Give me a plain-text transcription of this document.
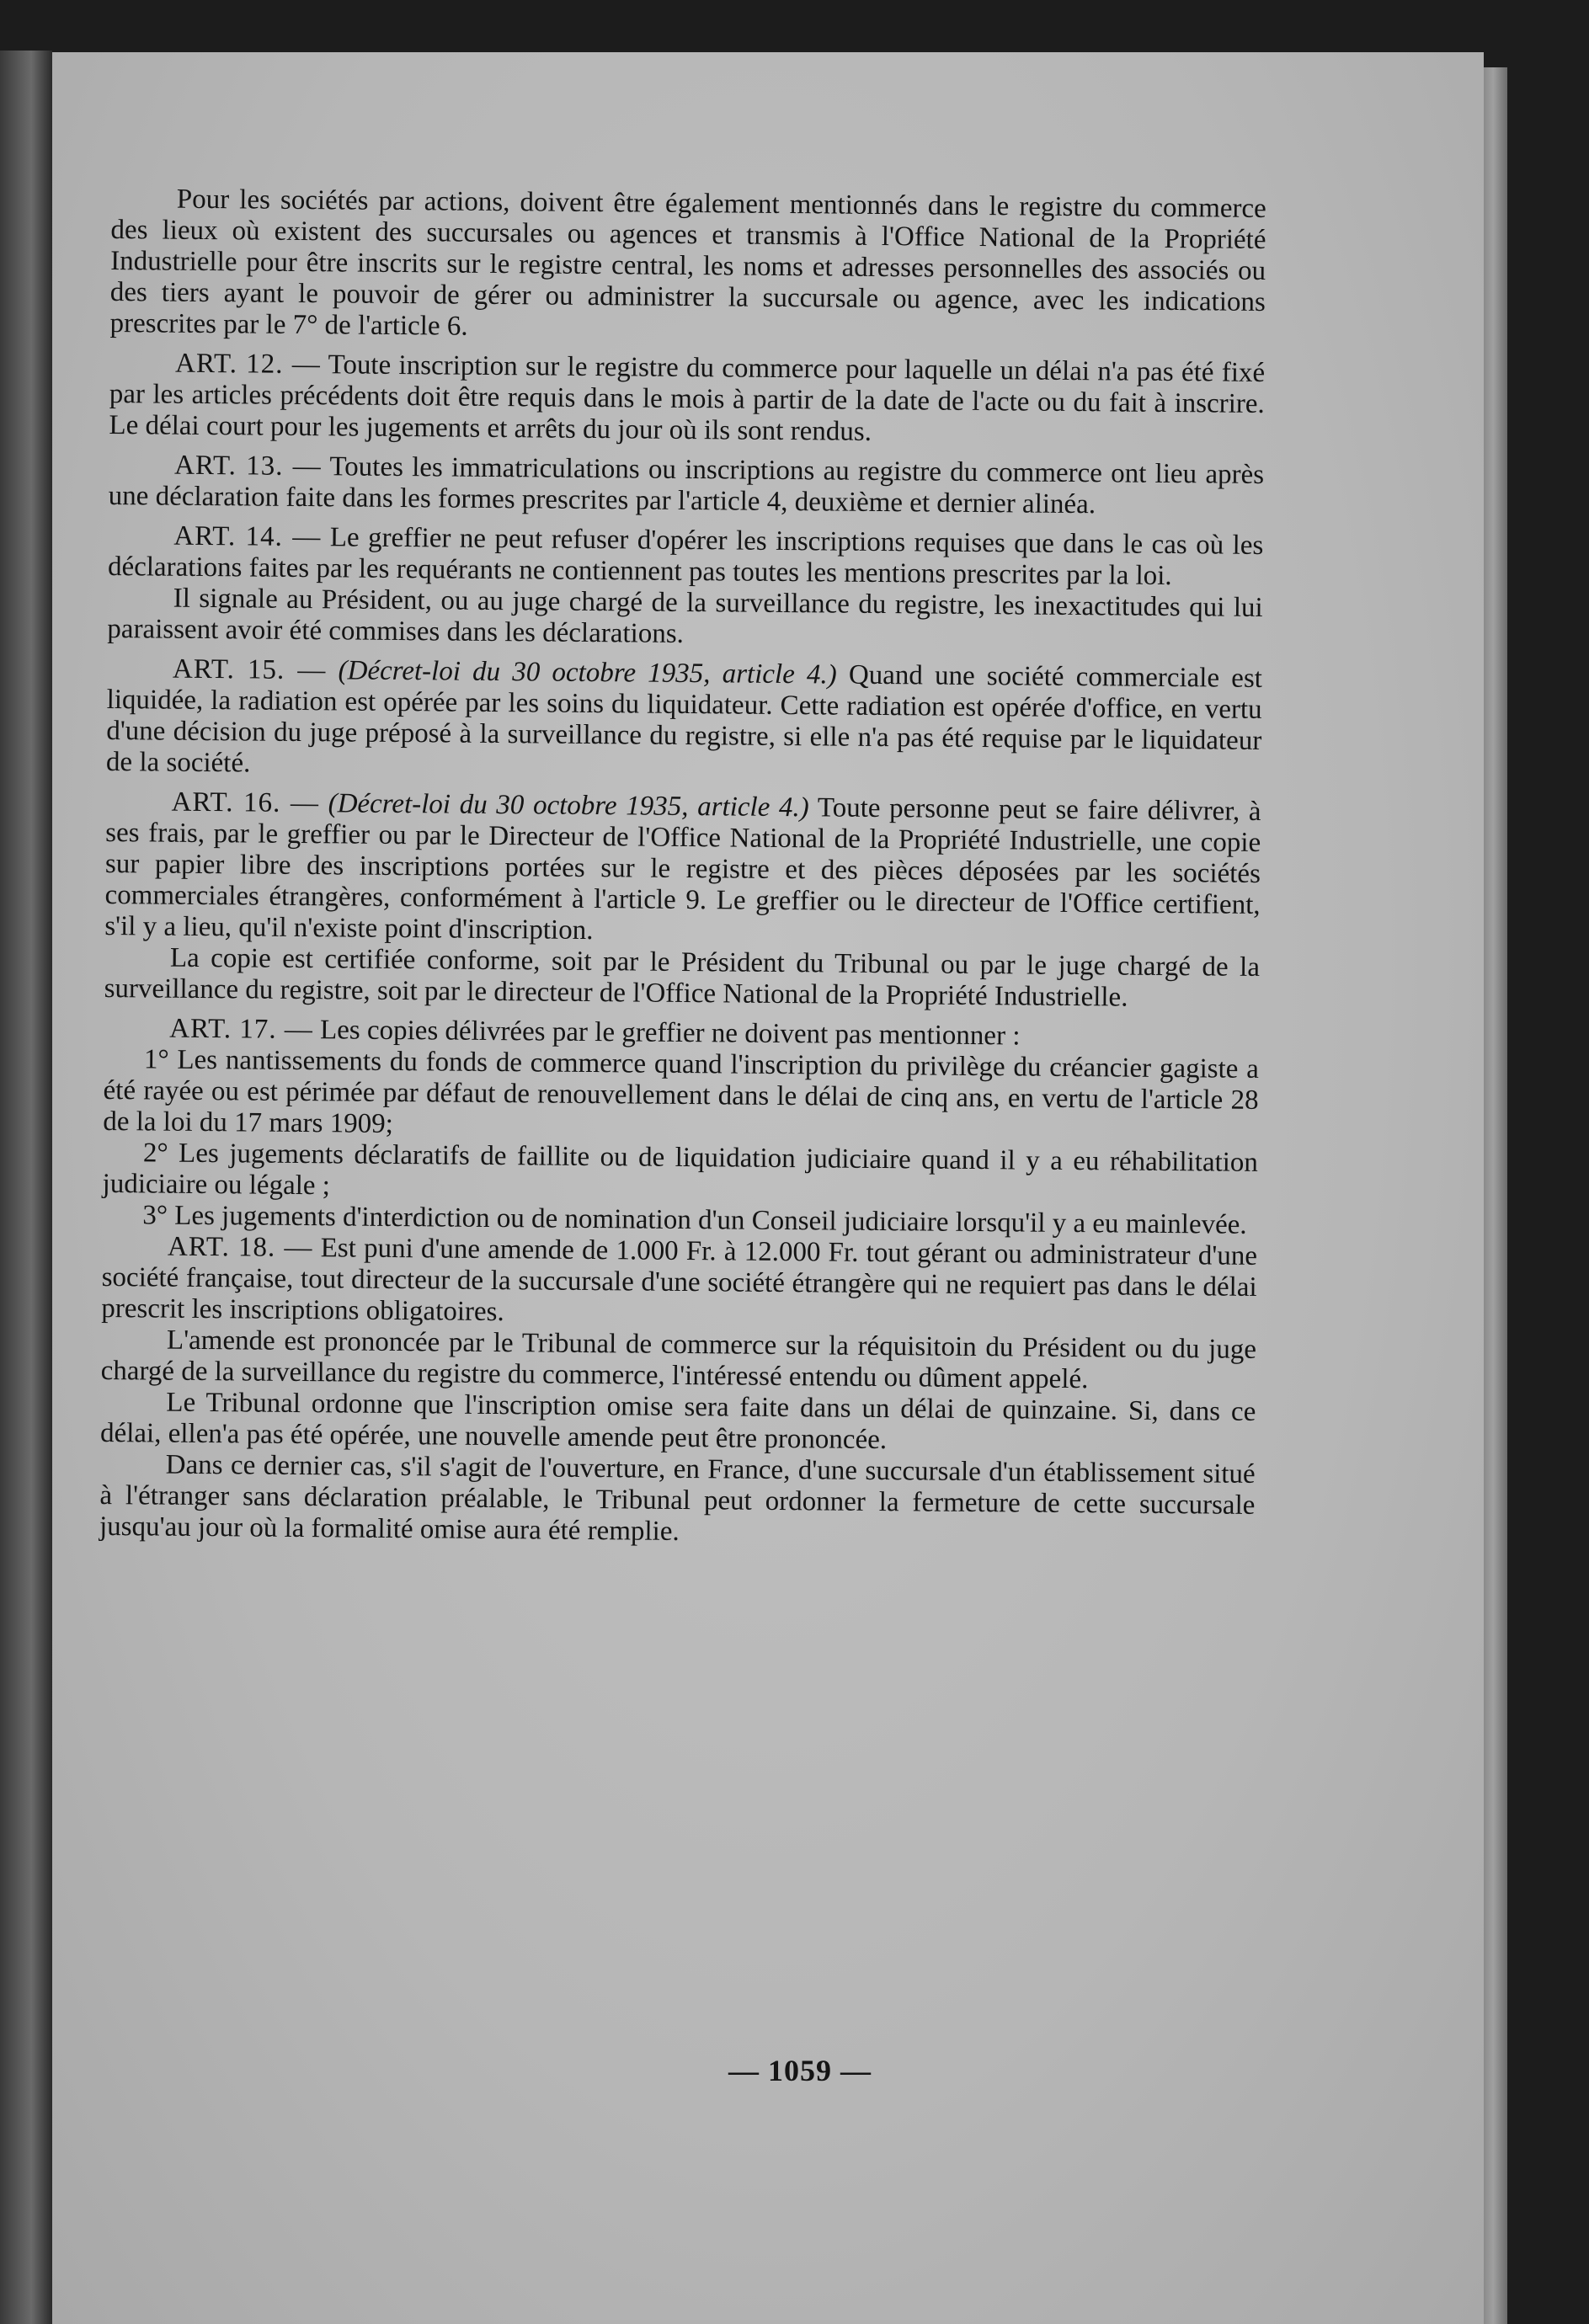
Pour les sociétés par actions, doivent être également mentionnés dans le registre du commerce des lieux où existent des succursales ou agences et transmis à l'Office National de la Propriété Industrielle pour être inscrits sur le registre central, les noms et adresses personnelles des associés ou des tiers ayant le pouvoir de gérer ou administrer la succursale ou agence, avec les indications prescrites par le 7° de l'article 6.

ART. 12. — Toute inscription sur le registre du commerce pour laquelle un délai n'a pas été fixé par les articles précédents doit être requis dans le mois à partir de la date de l'acte ou du fait à inscrire. Le délai court pour les jugements et arrêts du jour où ils sont rendus.

ART. 13. — Toutes les immatriculations ou inscriptions au registre du commerce ont lieu après une déclaration faite dans les formes prescrites par l'article 4, deuxième et dernier alinéa.

ART. 14. — Le greffier ne peut refuser d'opérer les inscriptions requises que dans le cas où les déclarations faites par les requérants ne contiennent pas toutes les mentions prescrites par la loi.

Il signale au Président, ou au juge chargé de la surveillance du registre, les inexactitudes qui lui paraissent avoir été commises dans les déclarations.

ART. 15. — (Décret-loi du 30 octobre 1935, article 4.) Quand une société commerciale est liquidée, la radiation est opérée par les soins du liquidateur. Cette radiation est opérée d'office, en vertu d'une décision du juge préposé à la surveillance du registre, si elle n'a pas été requise par le liquidateur de la société.

ART. 16. — (Décret-loi du 30 octobre 1935, article 4.) Toute personne peut se faire délivrer, à ses frais, par le greffier ou par le Directeur de l'Office National de la Propriété Industrielle, une copie sur papier libre des inscriptions portées sur le registre et des pièces déposées par les sociétés commerciales étrangères, conformément à l'article 9. Le greffier ou le directeur de l'Office certifient, s'il y a lieu, qu'il n'existe point d'inscription.

La copie est certifiée conforme, soit par le Président du Tribunal ou par le juge chargé de la surveillance du registre, soit par le directeur de l'Office National de la Propriété Industrielle.

ART. 17. — Les copies délivrées par le greffier ne doivent pas mentionner :

1° Les nantissements du fonds de commerce quand l'inscription du privilège du créancier gagiste a été rayée ou est périmée par défaut de renouvellement dans le délai de cinq ans, en vertu de l'article 28 de la loi du 17 mars 1909;

2° Les jugements déclaratifs de faillite ou de liquidation judiciaire quand il y a eu réhabilitation judiciaire ou légale ;

3° Les jugements d'interdiction ou de nomination d'un Conseil judiciaire lorsqu'il y a eu mainlevée.

ART. 18. — Est puni d'une amende de 1.000 Fr. à 12.000 Fr. tout gérant ou administrateur d'une société française, tout directeur de la succursale d'une société étrangère qui ne requiert pas dans le délai prescrit les inscriptions obligatoires.

L'amende est prononcée par le Tribunal de commerce sur la réquisitoin du Président ou du juge chargé de la surveillance du registre du commerce, l'intéressé entendu ou dûment appelé.

Le Tribunal ordonne que l'inscription omise sera faite dans un délai de quinzaine. Si, dans ce délai, ellen'a pas été opérée, une nouvelle amende peut être prononcée.

Dans ce dernier cas, s'il s'agit de l'ouverture, en France, d'une succursale d'un établissement situé à l'étranger sans déclaration préalable, le Tribunal peut ordonner la fermeture de cette succursale jusqu'au jour où la formalité omise aura été remplie.

— 1059 —
